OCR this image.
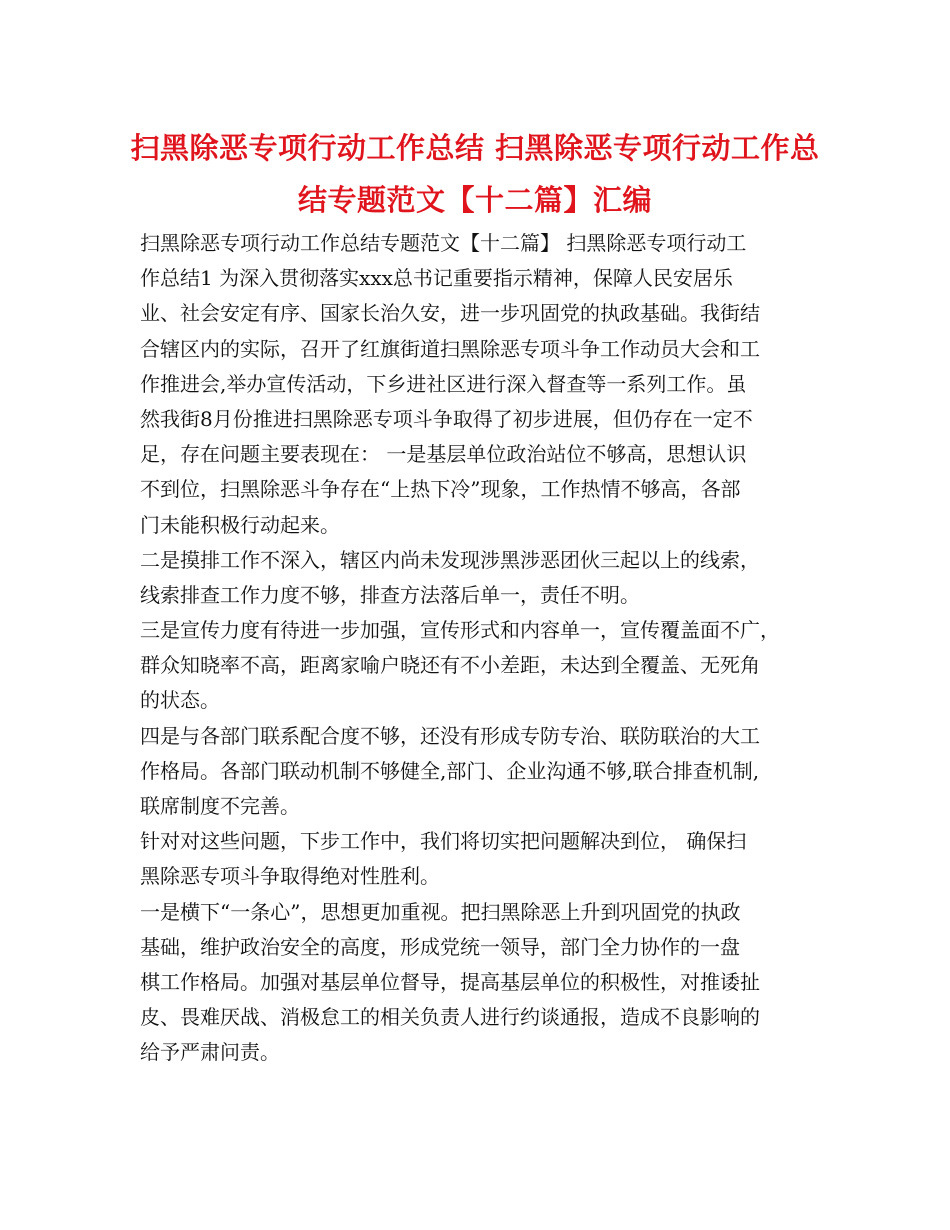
扫黑除恶专项行动工作总结 扫黑除恶专项行动工作总
结专题范文【十二篇】汇编
扫黑除恶专项行动工作总结专题范文【十二篇】 扫黑除恶专项行动工
作总结1 为深入贯彻落实xxx总书记重要指示精神，保障人民安居乐
业、社会安定有序、国家长治久安，进一步巩固党的执政基础。我街结
合辖区内的实际，召开了红旗街道扫黑除恶专项斗争工作动员大会和工
作推进会,举办宣传活动，下乡进社区进行深入督查等一系列工作。虽
然我街8月份推进扫黑除恶专项斗争取得了初步进展，但仍存在一定不
足，存在问题主要表现在： 一是基层单位政治站位不够高，思想认识
不到位，扫黑除恶斗争存在“上热下冷”现象，工作热情不够高，各部
门未能积极行动起来。
二是摸排工作不深入，辖区内尚未发现涉黑涉恶团伙三起以上的线索，
线索排查工作力度不够，排查方法落后单一，责任不明。
三是宣传力度有待进一步加强，宣传形式和内容单一，宣传覆盖面不广，
群众知晓率不高，距离家喻户晓还有不小差距，未达到全覆盖、无死角
的状态。
四是与各部门联系配合度不够，还没有形成专防专治、联防联治的大工
作格局。各部门联动机制不够健全,部门、企业沟通不够,联合排查机制,
联席制度不完善。
针对对这些问题，下步工作中，我们将切实把问题解决到位， 确保扫
黑除恶专项斗争取得绝对性胜利。
一是横下“一条心”，思想更加重视。把扫黑除恶上升到巩固党的执政
基础，维护政治安全的高度，形成党统一领导，部门全力协作的一盘
棋工作格局。加强对基层单位督导，提高基层单位的积极性，对推诿扯
皮、畏难厌战、消极怠工的相关负责人进行约谈通报，造成不良影响的
给予严肃问责。
